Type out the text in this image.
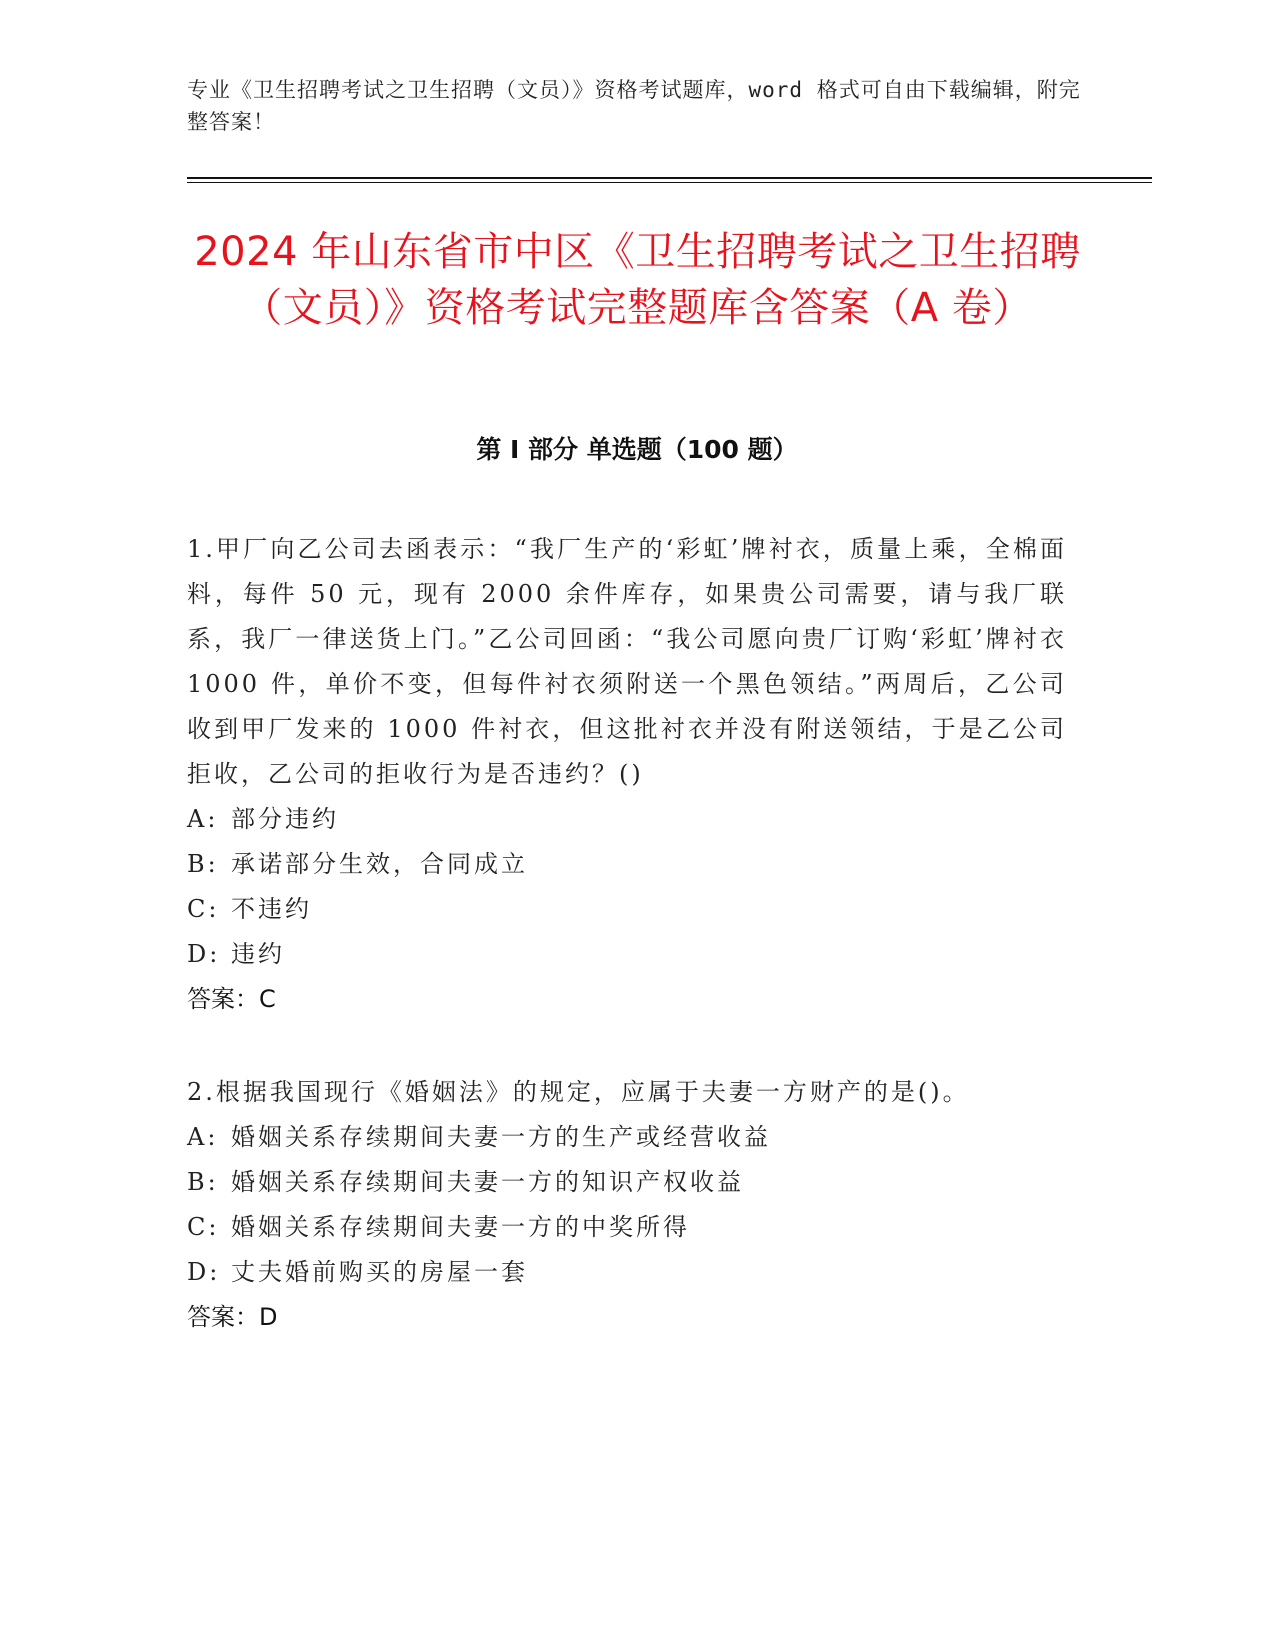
专业《卫生招聘考试之卫生招聘（文员）》资格考试题库，word 格式可自由下载编辑，附完整答案！
2024 年山东省市中区《卫生招聘考试之卫生招聘（文员）》资格考试完整题库含答案（A 卷）
第 I 部分 单选题（100 题）

1.甲厂向乙公司去函表示：“我厂生产的‘彩虹’牌衬衣，质量上乘，全棉面料，每件 50 元，现有 2000 余件库存，如果贵公司需要，请与我厂联系，我厂一律送货上门。”乙公司回函：“我公司愿向贵厂订购‘彩虹’牌衬衣 1000 件，单价不变，但每件衬衣须附送一个黑色领结。”两周后，乙公司收到甲厂发来的 1000 件衬衣，但这批衬衣并没有附送领结，于是乙公司拒收，乙公司的拒收行为是否违约？()

A: 部分违约
B: 承诺部分生效，合同成立
C: 不违约
D: 违约

答案：C

2.根据我国现行《婚姻法》的规定，应属于夫妻一方财产的是()。

A: 婚姻关系存续期间夫妻一方的生产或经营收益
B: 婚姻关系存续期间夫妻一方的知识产权收益
C: 婚姻关系存续期间夫妻一方的中奖所得
D: 丈夫婚前购买的房屋一套

答案：D
